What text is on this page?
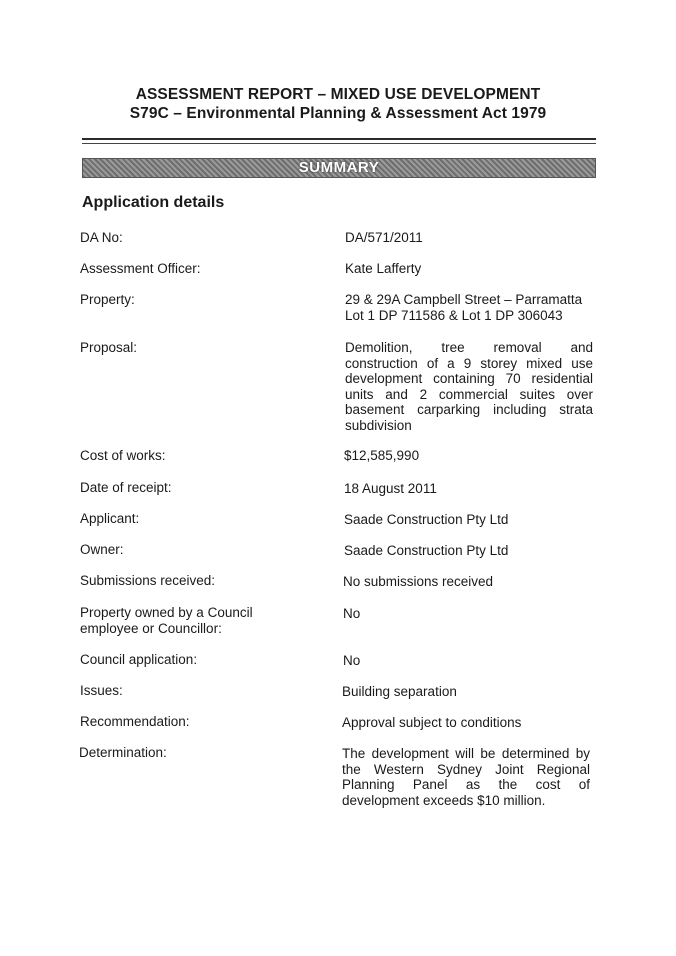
ASSESSMENT REPORT – MIXED USE DEVELOPMENT
S79C – Environmental Planning & Assessment Act 1979
SUMMARY
Application details
DA No:	DA/571/2011
Assessment Officer:	Kate Lafferty
Property:	29 & 29A Campbell Street – Parramatta
Lot 1 DP 711586 & Lot 1 DP 306043
Proposal:	Demolition, tree removal and construction of a 9 storey mixed use development containing 70 residential units and 2 commercial suites over basement carparking including strata subdivision
Cost of works:	$12,585,990
Date of receipt:	18 August 2011
Applicant:	Saade Construction Pty Ltd
Owner:	Saade Construction Pty Ltd
Submissions received:	No submissions received
Property owned by a Council
employee or Councillor:
No
Council application:	No
Issues:	Building separation
Recommendation:	Approval subject to conditions
Determination:	The development will be determined by the Western Sydney Joint Regional Planning Panel as the cost of development exceeds $10 million.
